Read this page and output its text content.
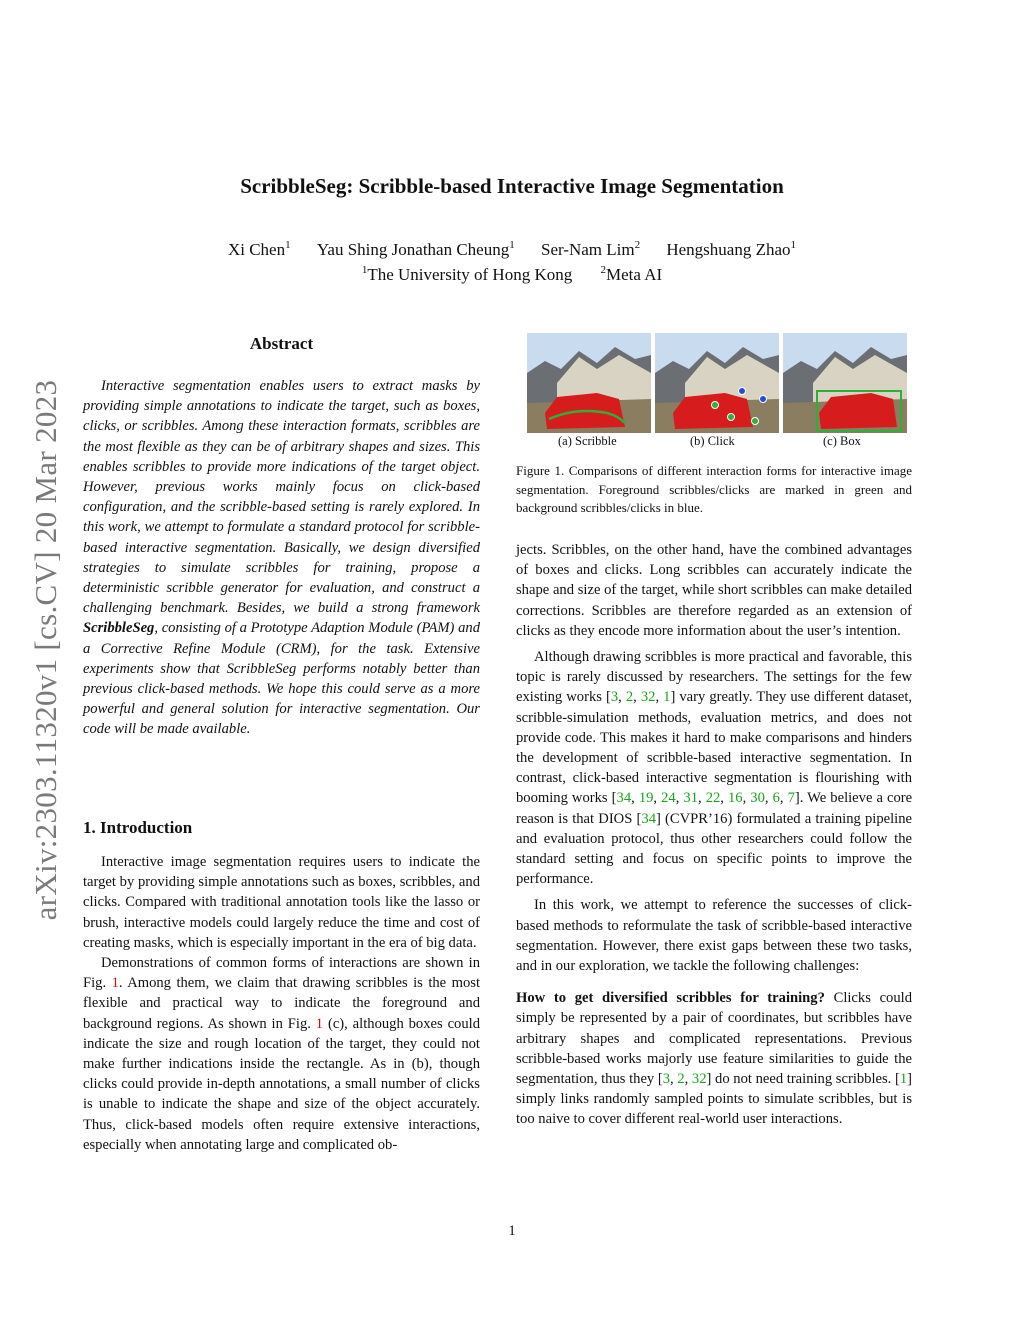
ScribbleSeg: Scribble-based Interactive Image Segmentation
Xi Chen$^1$ Yau Shing Jonathan Cheung$^1$ Ser-Nam Lim$^2$ Hengshuang Zhao$^1$
$^1$The University of Hong Kong	$^2$Meta AI
arXiv:2303.11320v1 [cs.CV] 20 Mar 2023
Abstract

Interactive segmentation enables users to extract masks by providing simple annotations to indicate the target, such as boxes, clicks, or scribbles. Among these interaction formats, scribbles are the most flexible as they can be of arbitrary shapes and sizes. This enables scribbles to provide more indications of the target object. However, previous works mainly focus on click-based configuration, and the scribble-based setting is rarely explored. In this work, we attempt to formulate a standard protocol for scribble-based interactive segmentation. Basically, we design diversified strategies to simulate scribbles for training, propose a deterministic scribble generator for evaluation, and construct a challenging benchmark. Besides, we build a strong framework ScribbleSeg, consisting of a Prototype Adaption Module (PAM) and a Corrective Refine Module (CRM), for the task. Extensive experiments show that ScribbleSeg performs notably better than previous click-based methods. We hope this could serve as a more powerful and general solution for interactive segmentation. Our code will be made available.

1. Introduction

Interactive image segmentation requires users to indicate the target by providing simple annotations such as boxes, scribbles, and clicks. Compared with traditional annotation tools like the lasso or brush, interactive models could largely reduce the time and cost of creating masks, which is especially important in the era of big data.

Demonstrations of common forms of interactions are shown in Fig. 1. Among them, we claim that drawing scribbles is the most flexible and practical way to indicate the foreground and background regions. As shown in Fig. 1 (c), although boxes could indicate the size and rough location of the target, they could not make further indications inside the rectangle. As in (b), though clicks could provide in-depth annotations, a small number of clicks is unable to indicate the shape and size of the object accurately. Thus, click-based models often require extensive interactions, especially when annotating large and complicated ob-

(a) Scribble	(b) Click	(c) Box
Figure 1. Comparisons of different interaction forms for interactive image segmentation. Foreground scribbles/clicks are marked in green and background scribbles/clicks in blue.

jects. Scribbles, on the other hand, have the combined advantages of boxes and clicks. Long scribbles can accurately indicate the shape and size of the target, while short scribbles can make detailed corrections. Scribbles are therefore regarded as an extension of clicks as they encode more information about the user’s intention.

Although drawing scribbles is more practical and favorable, this topic is rarely discussed by researchers. The settings for the few existing works [3, 2, 32, 1] vary greatly. They use different dataset, scribble-simulation methods, evaluation metrics, and does not provide code. This makes it hard to make comparisons and hinders the development of scribble-based interactive segmentation. In contrast, click-based interactive segmentation is flourishing with booming works [34, 19, 24, 31, 22, 16, 30, 6, 7]. We believe a core reason is that DIOS [34] (CVPR’16) formulated a training pipeline and evaluation protocol, thus other researchers could follow the standard setting and focus on specific points to improve the performance.

In this work, we attempt to reference the successes of click-based methods to reformulate the task of scribble-based interactive segmentation. However, there exist gaps between these two tasks, and in our exploration, we tackle the following challenges:

How to get diversified scribbles for training? Clicks could simply be represented by a pair of coordinates, but scribbles have arbitrary shapes and complicated representations. Previous scribble-based works majorly use feature similarities to guide the segmentation, thus they [3, 2, 32] do not need training scribbles. [1] simply links randomly sampled points to simulate scribbles, but is too naive to cover different real-world user interactions.

1
